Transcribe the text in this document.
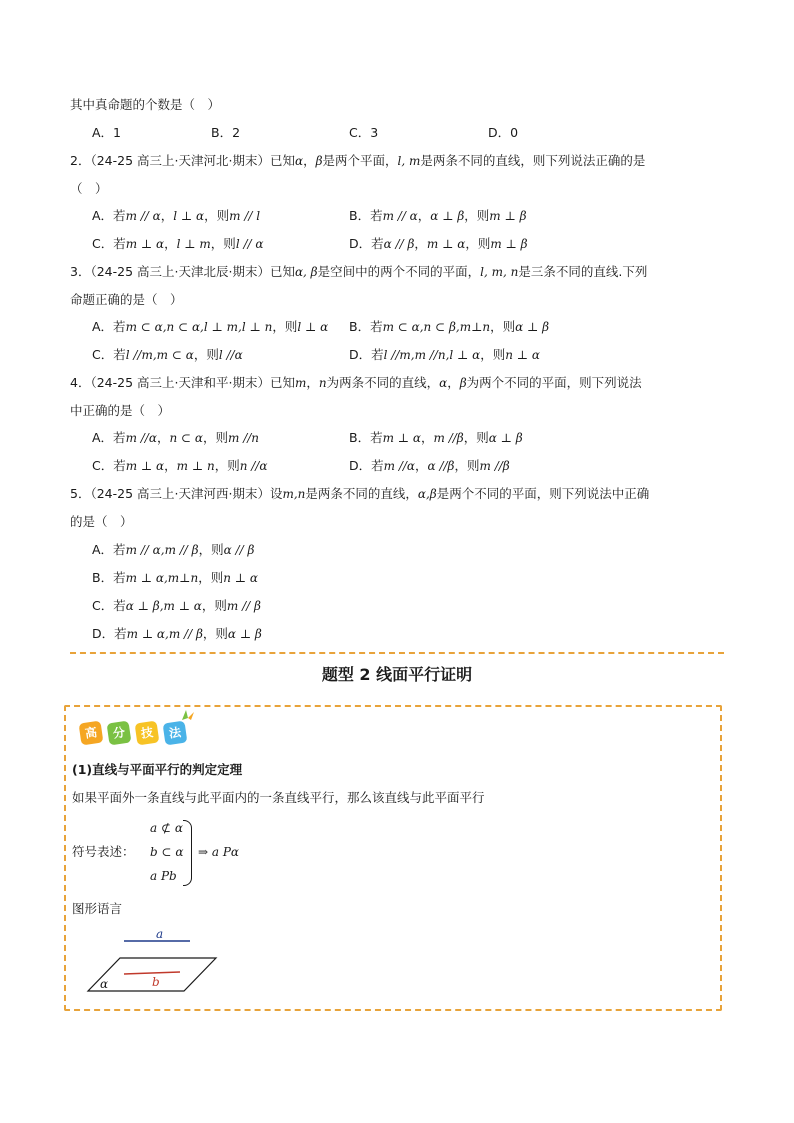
其中真命题的个数是（　）
A．1	B．2	C．3	D．0
2．（24-25 高三上·天津河北·期末）已知α，β是两个平面，l, m是两条不同的直线，则下列说法正确的是
（　）
A．若m // α，l ⊥ α，则m // l	B．若m // α，α ⊥ β，则m ⊥ β
C．若m ⊥ α，l ⊥ m，则l // α	D．若α // β，m ⊥ α，则m ⊥ β
3．（24-25 高三上·天津北辰·期末）已知α, β是空间中的两个不同的平面，l, m, n是三条不同的直线.下列
命题正确的是（　）
A．若m ⊂ α,n ⊂ α,l ⊥ m,l ⊥ n，则l ⊥ α B．若m ⊂ α,n ⊂ β,m⊥n，则α ⊥ β
C．若l //m,m ⊂ α，则l //α	D．若l //m,m //n,l ⊥ α，则n ⊥ α
4．（24-25 高三上·天津和平·期末）已知m，n为两条不同的直线，α，β为两个不同的平面，则下列说法
中正确的是（　）
A．若m //α，n ⊂ α，则m //n	B．若m ⊥ α，m //β，则α ⊥ β
C．若m ⊥ α，m ⊥ n，则n //α	D．若m //α，α //β，则m //β
5．（24-25 高三上·天津河西·期末）设m,n是两条不同的直线，α,β是两个不同的平面，则下列说法中正确
的是（　）
A．若m // α,m // β，则α // β
B．若m ⊥ α,m⊥n，则n ⊥ α
C．若α ⊥ β,m ⊥ α，则m // β
D．若m ⊥ α,m // β，则α ⊥ β
题型 2 线面平行证明
高	分	技	法
(1)直线与平面平行的判定定理
如果平面外一条直线与此平面内的一条直线平行，那么该直线与此平面平行
符号表述：
a ⊄ α
b ⊂ α
a Pb
⇒ a Pα
图形语言
a
b
α
